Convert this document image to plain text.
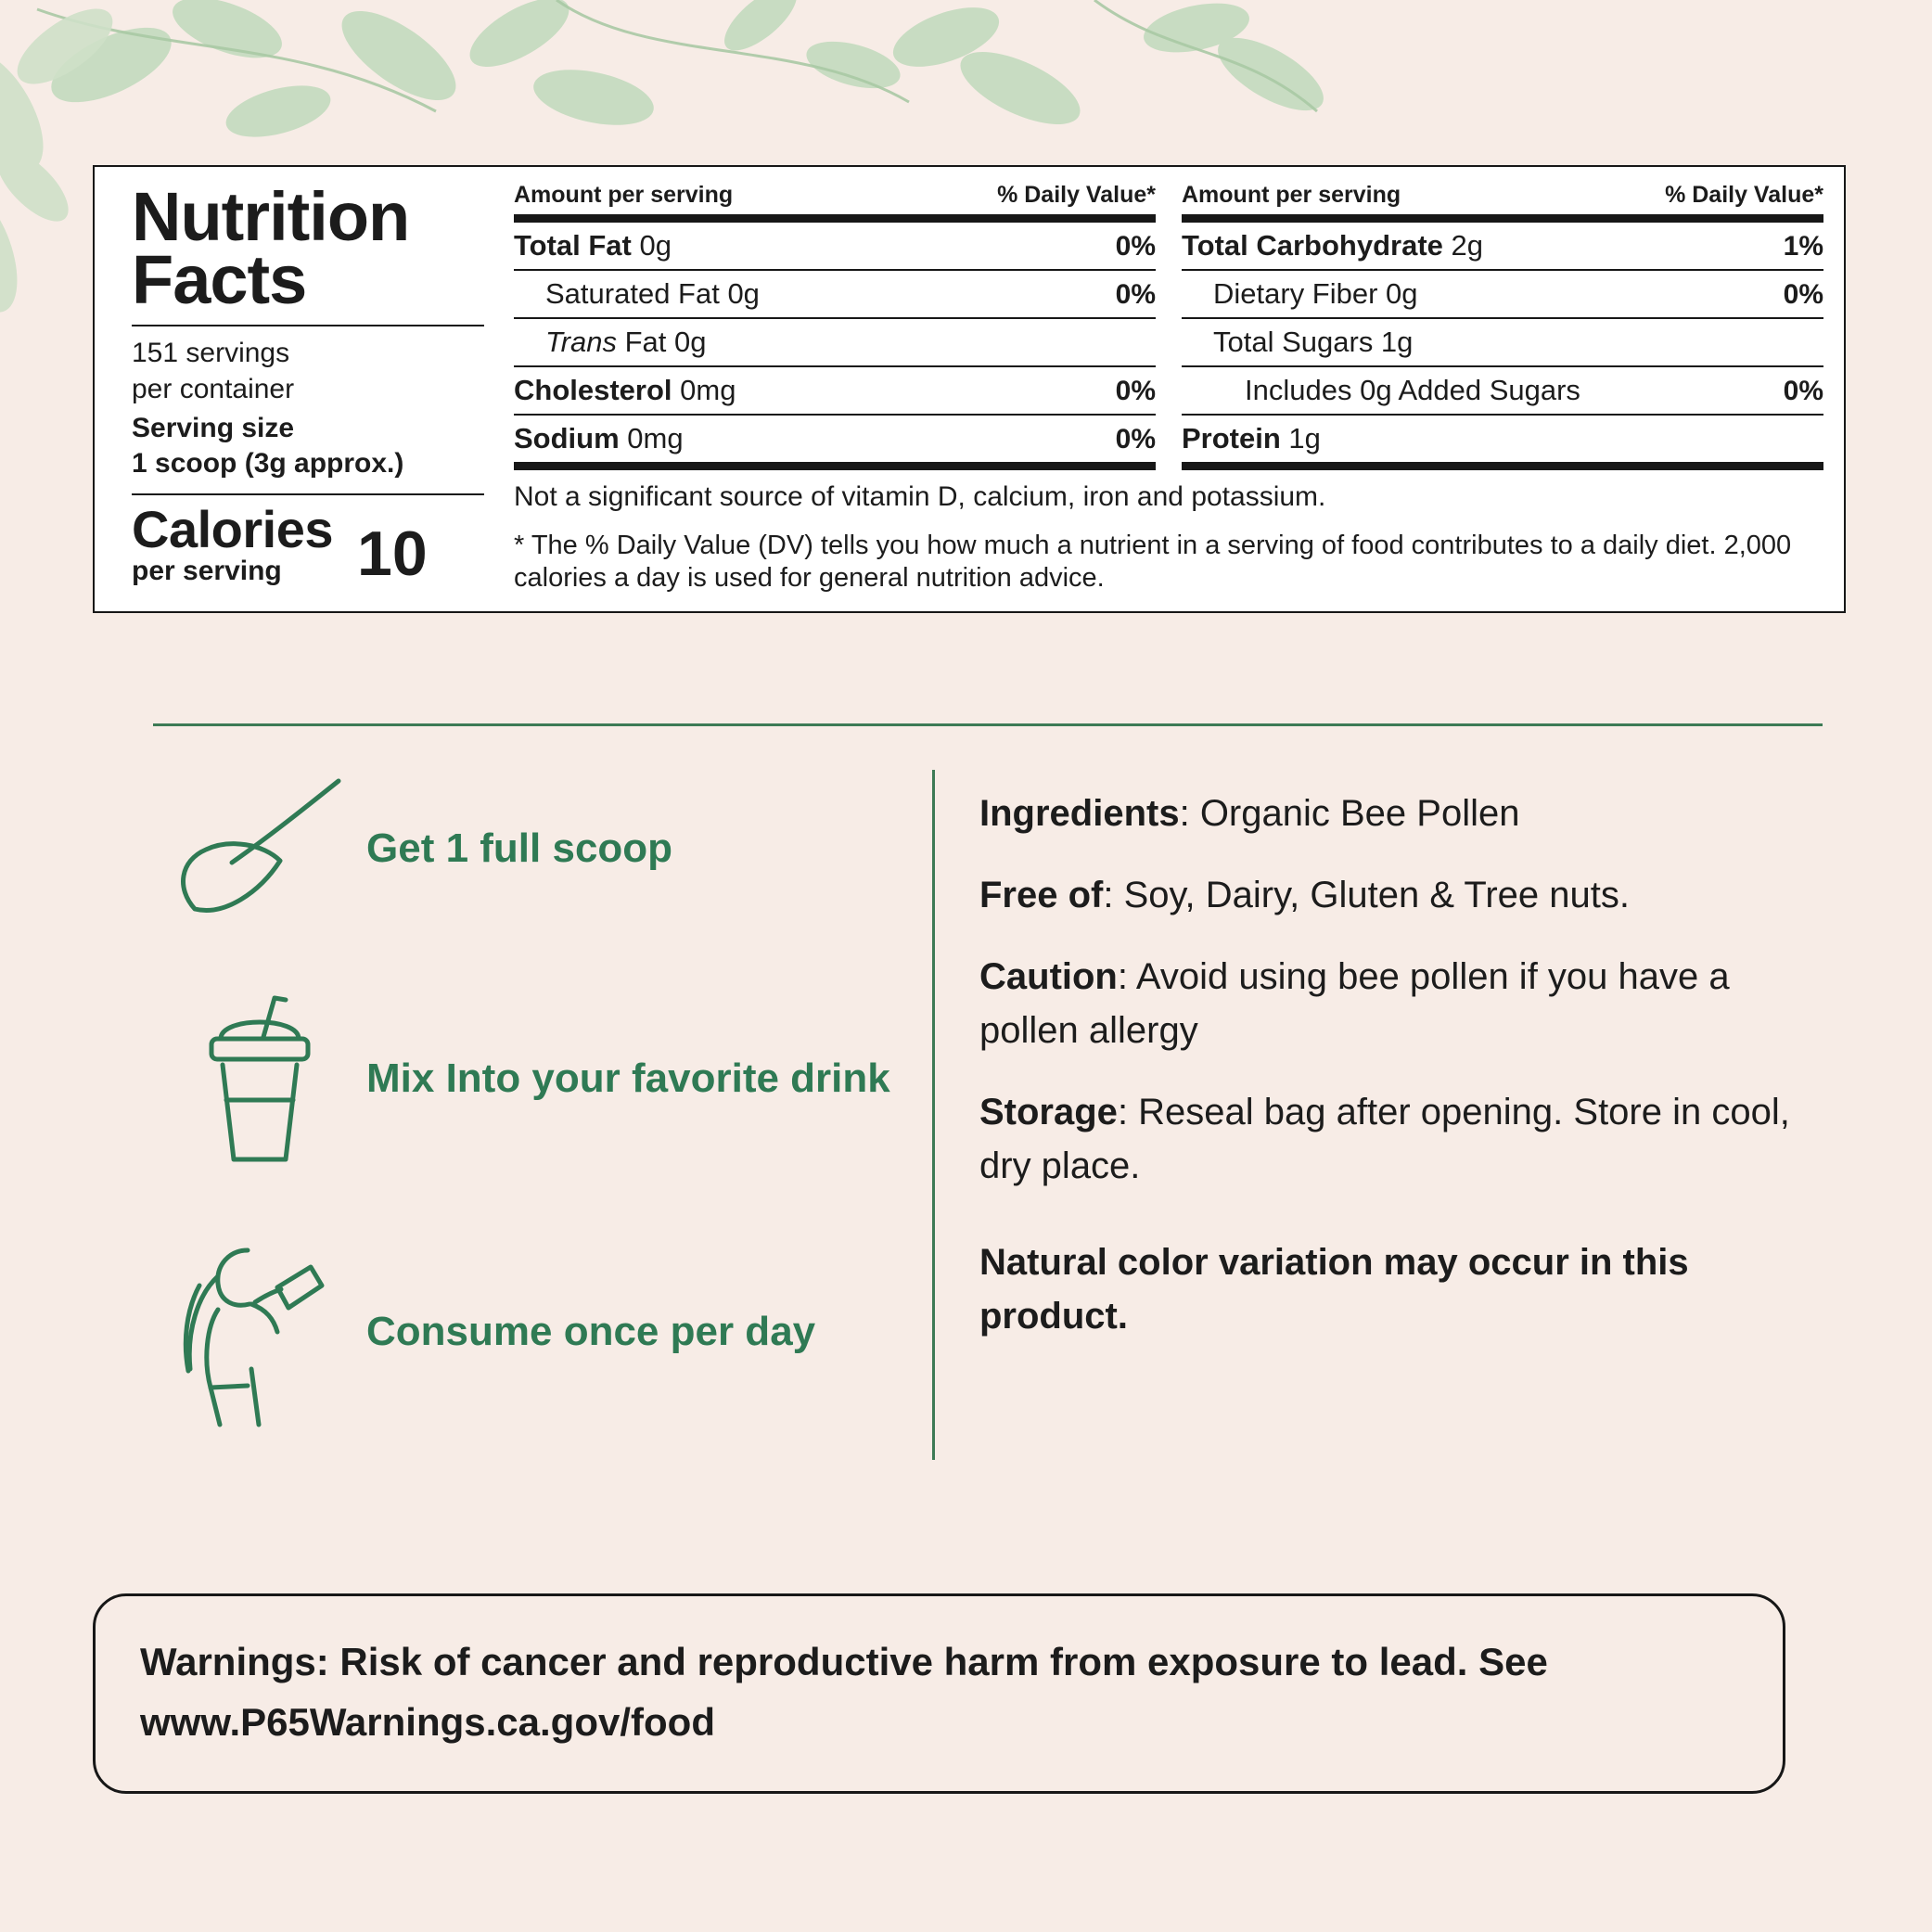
Nutrition Facts
151 servings
per container
Serving size
1 scoop (3g approx.)
Calories
per serving	10
Amount per serving	% Daily Value*
Total Fat 0g	0%
Saturated Fat 0g	0%
Trans Fat 0g
Cholesterol 0mg	0%
Sodium 0mg	0%
Amount per serving	% Daily Value*
Total Carbohydrate 2g	1%
Dietary Fiber 0g	0%
Total Sugars 1g
Includes 0g Added Sugars	0%
Protein 1g
Not a significant source of vitamin D, calcium, iron and potassium.
* The % Daily Value (DV) tells you how much a nutrient in a serving of food contributes to a daily diet. 2,000 calories a day is used for general nutrition advice.
Get 1 full scoop
Mix Into your favorite drink
Consume once per day

Ingredients: Organic Bee Pollen

Free of: Soy, Dairy, Gluten & Tree nuts.

Caution: Avoid using bee pollen if you have a pollen allergy

Storage: Reseal bag after opening. Store in cool, dry place.

Natural color variation may occur in this product.

Warnings: Risk of cancer and reproductive harm from exposure to lead. See www.P65Warnings.ca.gov/food
